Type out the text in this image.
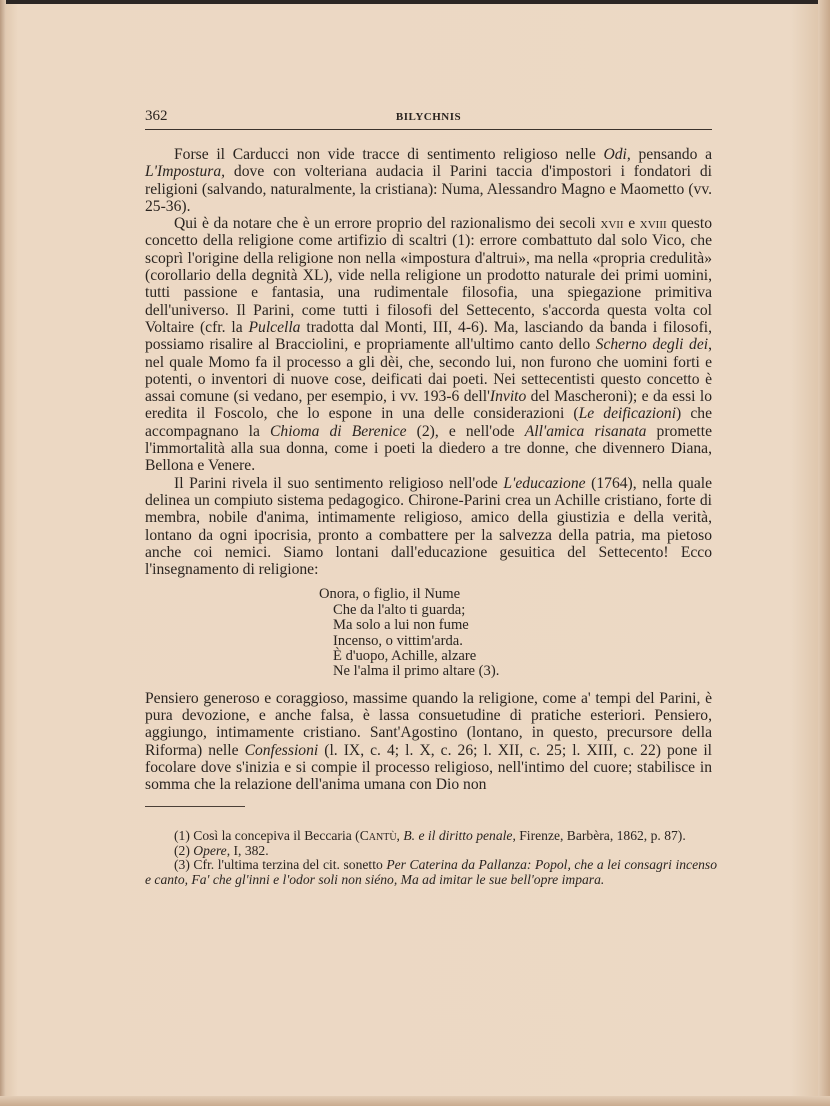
362	BILYCHNIS

Forse il Carducci non vide tracce di sentimento religioso nelle Odi, pensando a L'Impostura, dove con volteriana audacia il Parini taccia d'impostori i fondatori di religioni (salvando, naturalmente, la cristiana): Numa, Alessandro Magno e Maometto (vv. 25-36).

Qui è da notare che è un errore proprio del razionalismo dei secoli xvii e xviii questo concetto della religione come artifizio di scaltri (1): errore combattuto dal solo Vico, che scoprì l'origine della religione non nella «impostura d'altrui», ma nella «propria credulità» (corollario della degnità XL), vide nella religione un prodotto naturale dei primi uomini, tutti passione e fantasia, una rudimentale filosofia, una spiegazione primitiva dell'universo. Il Parini, come tutti i filosofi del Settecento, s'accorda questa volta col Voltaire (cfr. la Pulcella tradotta dal Monti, III, 4-6). Ma, lasciando da banda i filosofi, possiamo risalire al Bracciolini, e propriamente all'ultimo canto dello Scherno degli dei, nel quale Momo fa il processo a gli dèi, che, secondo lui, non furono che uomini forti e potenti, o inventori di nuove cose, deificati dai poeti. Nei settecentisti questo concetto è assai comune (si vedano, per esempio, i vv. 193-6 dell'Invito del Mascheroni); e da essi lo eredita il Foscolo, che lo espone in una delle considerazioni (Le deificazioni) che accompagnano la Chioma di Berenice (2), e nell'ode All'amica risanata promette l'immortalità alla sua donna, come i poeti la diedero a tre donne, che divennero Diana, Bellona e Venere.

Il Parini rivela il suo sentimento religioso nell'ode L'educazione (1764), nella quale delinea un compiuto sistema pedagogico. Chirone-Parini crea un Achille cristiano, forte di membra, nobile d'anima, intimamente religioso, amico della giustizia e della verità, lontano da ogni ipocrisia, pronto a combattere per la salvezza della patria, ma pietoso anche coi nemici. Siamo lontani dall'educazione gesuitica del Settecento! Ecco l'insegnamento di religione:

Onora, o figlio, il Nume
Che da l'alto ti guarda;
Ma solo a lui non fume
Incenso, o vittim'arda.
È d'uopo, Achille, alzare
Ne l'alma il primo altare (3).

Pensiero generoso e coraggioso, massime quando la religione, come a' tempi del Parini, è pura devozione, e anche falsa, è lassa consuetudine di pratiche esteriori. Pensiero, aggiungo, intimamente cristiano. Sant'Agostino (lontano, in questo, precursore della Riforma) nelle Confessioni (l. IX, c. 4; l. X, c. 26; l. XII, c. 25; l. XIII, c. 22) pone il focolare dove s'inizia e si compie il processo religioso, nell'intimo del cuore; stabilisce in somma che la relazione dell'anima umana con Dio non

(1) Così la concepiva il Beccaria (Cantù, B. e il diritto penale, Firenze, Barbèra, 1862, p. 87).

(2) Opere, I, 382.

(3) Cfr. l'ultima terzina del cit. sonetto Per Caterina da Pallanza: Popol, che a lei consagri incenso e canto, Fa' che gl'inni e l'odor soli non siéno, Ma ad imitar le sue bell'opre impara.
